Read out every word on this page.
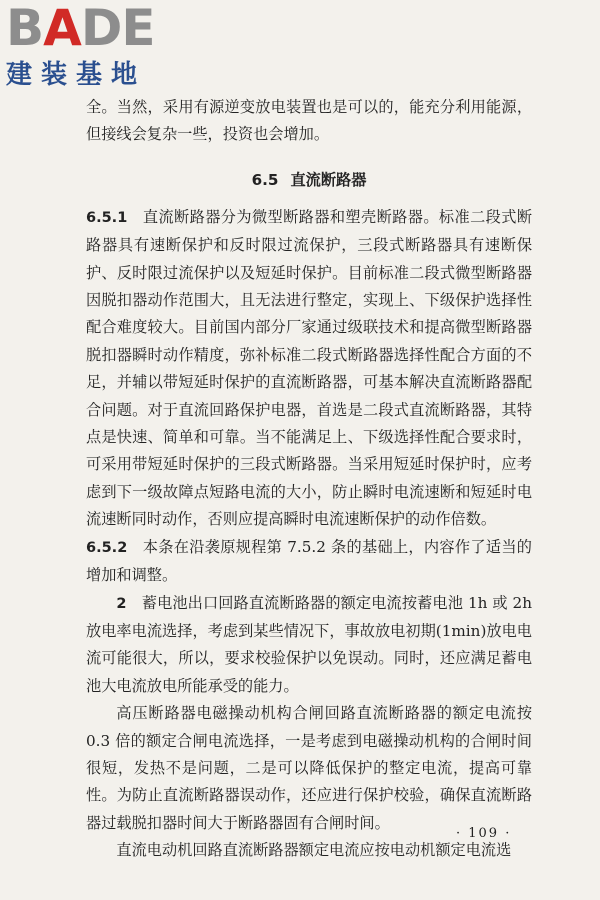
BADE
建装基地

全。当然，采用有源逆变放电装置也是可以的，能充分利用能源，但接线会复杂一些，投资也会增加。

6.5 直流断路器

6.5.1  直流断路器分为微型断路器和塑壳断路器。标准二段式断路器具有速断保护和反时限过流保护，三段式断路器具有速断保护、反时限过流保护以及短延时保护。目前标准二段式微型断路器因脱扣器动作范围大，且无法进行整定，实现上、下级保护选择性配合难度较大。目前国内部分厂家通过级联技术和提高微型断路器脱扣器瞬时动作精度，弥补标准二段式断路器选择性配合方面的不足，并辅以带短延时保护的直流断路器，可基本解决直流断路器配合问题。对于直流回路保护电器，首选是二段式直流断路器，其特点是快速、简单和可靠。当不能满足上、下级选择性配合要求时，可采用带短延时保护的三段式断路器。当采用短延时保护时，应考虑到下一级故障点短路电流的大小，防止瞬时电流速断和短延时电流速断同时动作，否则应提高瞬时电流速断保护的动作倍数。

6.5.2  本条在沿袭原规程第 7.5.2 条的基础上，内容作了适当的增加和调整。

2  蓄电池出口回路直流断路器的额定电流按蓄电池 1h 或 2h 放电率电流选择，考虑到某些情况下，事故放电初期(1min)放电电流可能很大，所以，要求校验保护以免误动。同时，还应满足蓄电池大电流放电所能承受的能力。

高压断路器电磁操动机构合闸回路直流断路器的额定电流按 0.3 倍的额定合闸电流选择，一是考虑到电磁操动机构的合闸时间很短，发热不是问题，二是可以降低保护的整定电流，提高可靠性。为防止直流断路器误动作，还应进行保护校验，确保直流断路器过载脱扣器时间大于断路器固有合闸时间。

直流电动机回路直流断路器额定电流应按电动机额定电流选

· 109 ·
